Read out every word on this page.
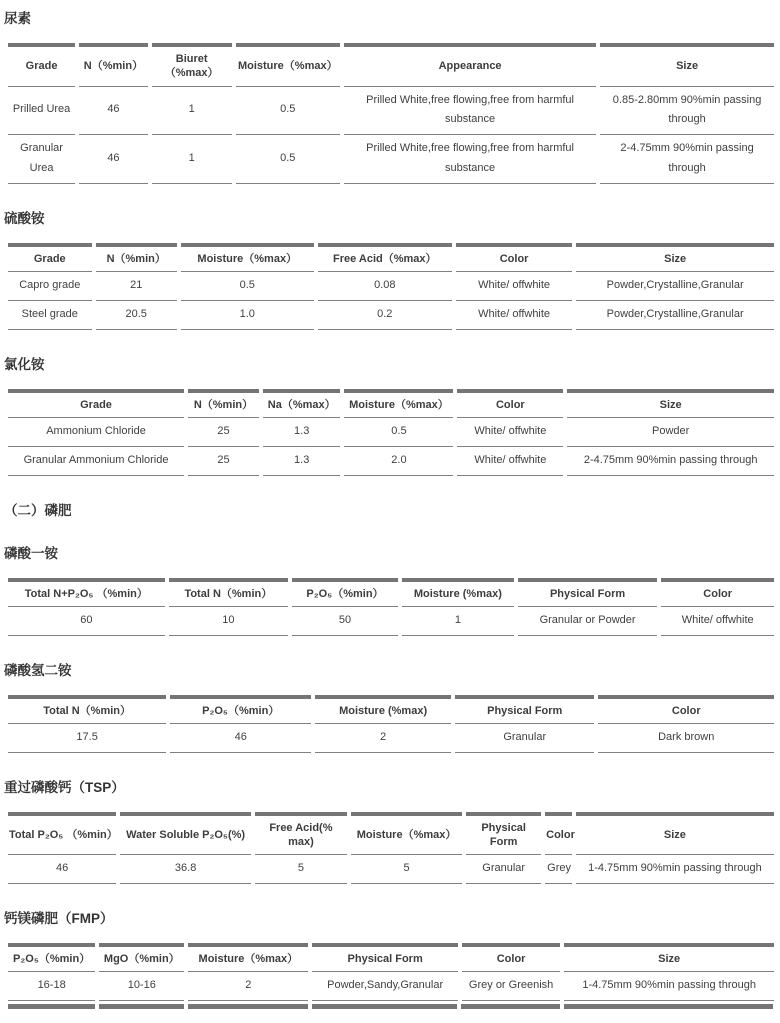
尿素
Grade	N（%min）	Biuret（%max）	Moisture（%max）	Appearance	Size
Prilled Urea	46	1	0.5	Prilled White,free flowing,free from harmful substance	0.85-2.80mm 90%min passing through
Granular Urea	46	1	0.5	Prilled White,free flowing,free from harmful substance	2-4.75mm 90%min passing through
硫酸铵
Grade	N（%min）	Moisture（%max）	Free Acid（%max）	Color	Size
Capro grade	21	0.5	0.08	White/ offwhite	Powder,Crystalline,Granular
Steel grade	20.5	1.0	0.2	White/ offwhite	Powder,Crystalline,Granular
氯化铵
Grade	N（%min）	Na（%max）	Moisture（%max）	Color	Size
Ammonium Chloride	25	1.3	0.5	White/ offwhite	Powder
Granular Ammonium Chloride	25	1.3	2.0	White/ offwhite	2-4.75mm 90%min passing through
（二）磷肥
磷酸一铵
Total N+P₂O₅ （%min）	Total N（%min）	P₂O₅（%min）	Moisture (%max)	Physical Form	Color
60	10	50	1	Granular or Powder	White/ offwhite
磷酸氢二铵
Total N（%min）	P₂O₅（%min）	Moisture (%max)	Physical Form	Color
17.5	46	2	Granular	Dark brown
重过磷酸钙（TSP）
Total P₂O₅ （%min）	Water Soluble P₂O₅(%)	Free Acid(% max)	Moisture（%max）	Physical Form	Color	Size
46	36.8	5	5	Granular	Grey	1-4.75mm 90%min passing through
钙镁磷肥（FMP）
P₂O₅（%min）	MgO（%min）	Moisture（%max）	Physical Form	Color	Size
16-18	10-16	2	Powder,Sandy,Granular	Grey or Greenish	1-4.75mm 90%min passing through
